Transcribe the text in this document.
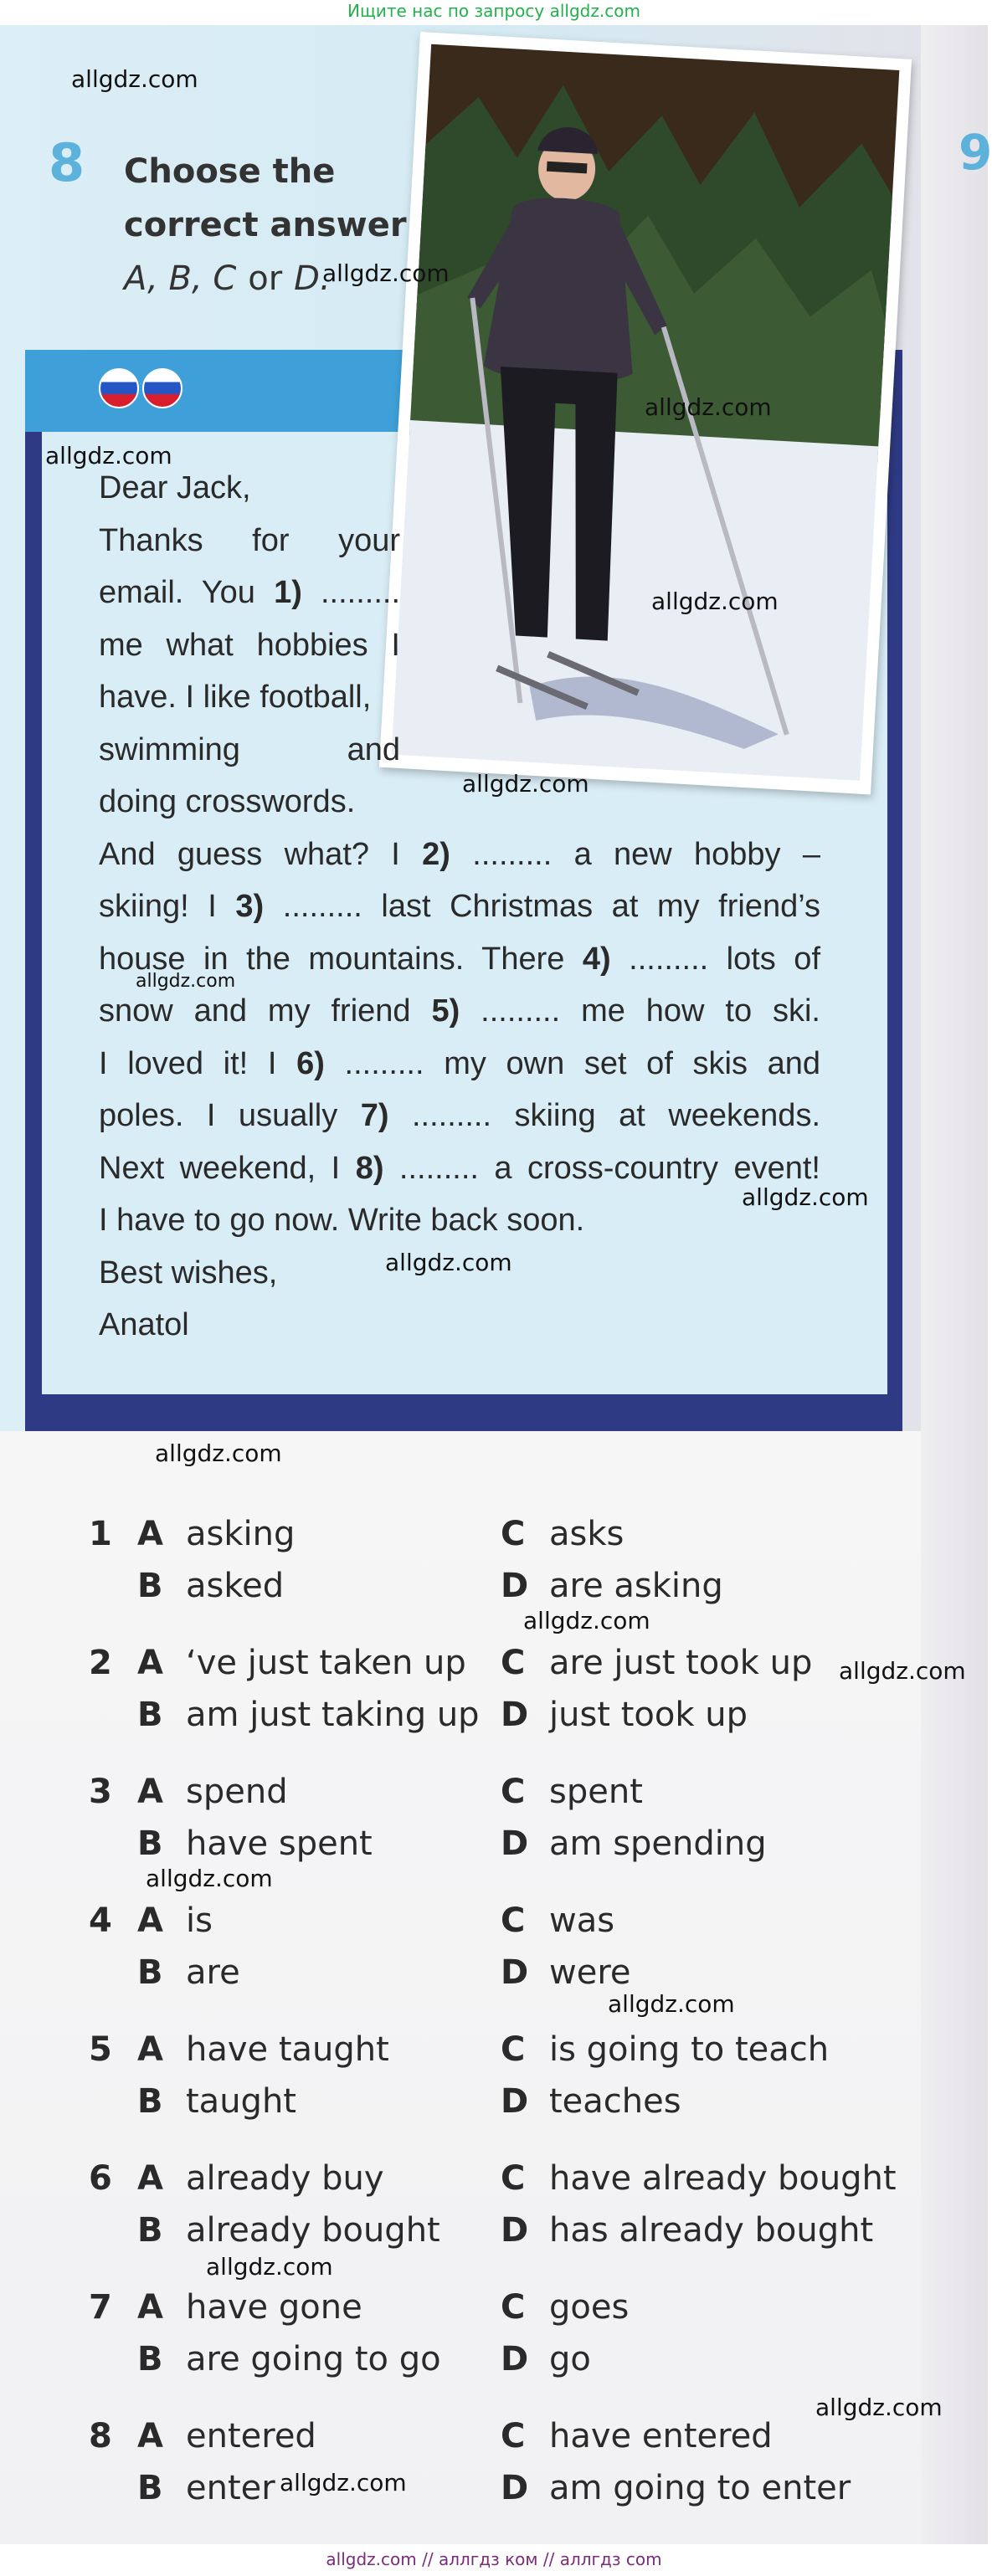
Ищите нас по запросу allgdz.com
9
8 Choose the
correct answer
A, B, C or D.

Dear Jack,

Thanks for your

email. You 1) .........

me what hobbies I

have. I like football,

swimming and

doing crosswords.

And guess what? I 2) ......... a new hobby –

skiing! I 3) ......... last Christmas at my friend’s

house in the mountains. There 4) ......... lots of

snow and my friend 5) ......... me how to ski.

I loved it! I 6) ......... my own set of skis and

poles. I usually 7) ......... skiing at weekends.

Next weekend, I 8) ......... a cross-country event!

I have to go now. Write back soon.

Best wishes,

Anatol

1 A asking	C asks
B asked	D are asking
2 A ‘ve just taken up C are just took up
B am just taking up D just took up
3 A spend	C spent
B have spent	D am spending
4 A is	C was
B are	D were
5 A have taught	C is going to teach
B taught	D teaches
6 A already buy	C have already bought
B already bought D has already bought
7 A have gone	C goes
B are going to go D go
8 A entered	C have entered
B enter	D am going to enter
allgdz.com
allgdz.com
allgdz.com
allgdz.com
allgdz.com
allgdz.com
allgdz.com
allgdz.com
allgdz.com
allgdz.com
allgdz.com
allgdz.com
allgdz.com
allgdz.com
allgdz.com
allgdz.com
allgdz.com
allgdz.com // аллгдз ком // аллгдз com
